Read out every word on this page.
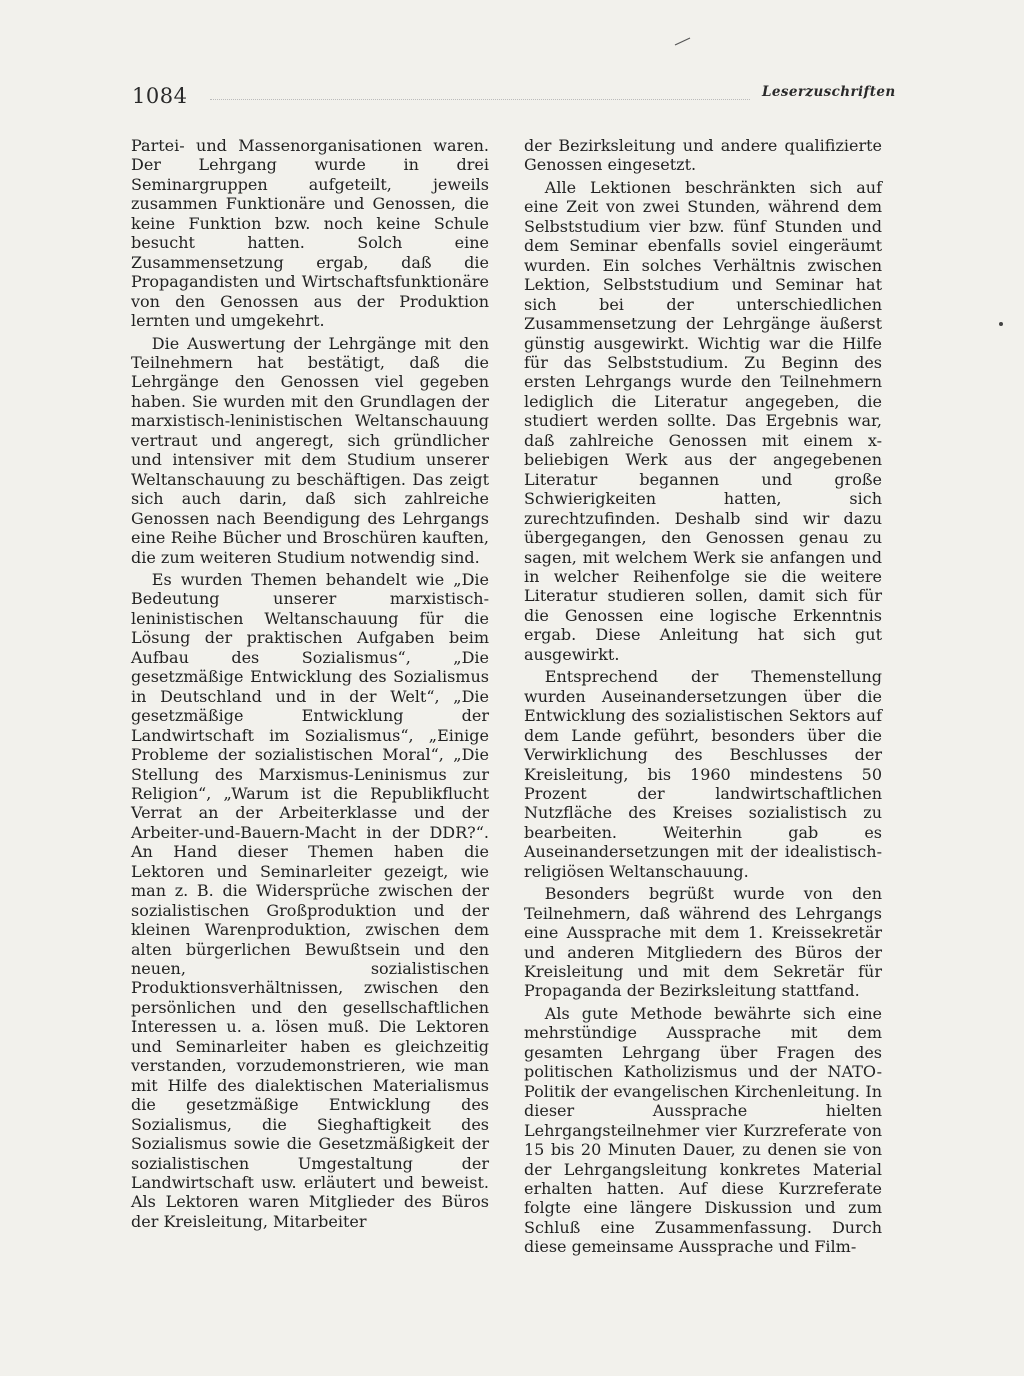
1084	Leserzuschriften

Partei- und Massenorganisationen waren. Der Lehrgang wurde in drei Seminargruppen aufgeteilt, jeweils zusammen Funktionäre und Genossen, die keine Funktion bzw. noch keine Schule besucht hatten. Solch eine Zusammensetzung ergab, daß die Propagandisten und Wirtschaftsfunktionäre von den Genossen aus der Produktion lernten und umgekehrt.

Die Auswertung der Lehrgänge mit den Teilnehmern hat bestätigt, daß die Lehrgänge den Genossen viel gegeben haben. Sie wurden mit den Grundlagen der marxistisch-leninistischen Weltanschauung vertraut und angeregt, sich gründlicher und intensiver mit dem Studium unserer Weltanschauung zu beschäftigen. Das zeigt sich auch darin, daß sich zahlreiche Genossen nach Beendigung des Lehrgangs eine Reihe Bücher und Broschüren kauften, die zum weiteren Studium notwendig sind.

Es wurden Themen behandelt wie „Die Bedeutung unserer marxistisch-leninistischen Weltanschauung für die Lösung der praktischen Aufgaben beim Aufbau des Sozialismus“, „Die gesetzmäßige Entwicklung des Sozialismus in Deutschland und in der Welt“, „Die gesetzmäßige Entwicklung der Landwirtschaft im Sozialismus“, „Einige Probleme der sozialistischen Moral“, „Die Stellung des Marxismus-Leninismus zur Religion“, „Warum ist die Republikflucht Verrat an der Arbeiterklasse und der Arbeiter-und-Bauern-Macht in der DDR?“. An Hand dieser Themen haben die Lektoren und Seminarleiter gezeigt, wie man z. B. die Widersprüche zwischen der sozialistischen Großproduktion und der kleinen Warenproduktion, zwischen dem alten bürgerlichen Bewußtsein und den neuen, sozialistischen Produktionsverhältnissen, zwischen den persönlichen und den gesellschaftlichen Interessen u. a. lösen muß. Die Lektoren und Seminarleiter haben es gleichzeitig verstanden, vorzudemonstrieren, wie man mit Hilfe des dialektischen Materialismus die gesetzmäßige Entwicklung des Sozialismus, die Sieghaftigkeit des Sozialismus sowie die Gesetzmäßigkeit der sozialistischen Umgestaltung der Landwirtschaft usw. erläutert und beweist. Als Lektoren waren Mitglieder des Büros der Kreisleitung, Mitarbeiter

der Bezirksleitung und andere qualifizierte Genossen eingesetzt.

Alle Lektionen beschränkten sich auf eine Zeit von zwei Stunden, während dem Selbststudium vier bzw. fünf Stunden und dem Seminar ebenfalls soviel eingeräumt wurden. Ein solches Verhältnis zwischen Lektion, Selbststudium und Seminar hat sich bei der unterschiedlichen Zusammensetzung der Lehrgänge äußerst günstig ausgewirkt. Wichtig war die Hilfe für das Selbststudium. Zu Beginn des ersten Lehrgangs wurde den Teilnehmern lediglich die Literatur angegeben, die studiert werden sollte. Das Ergebnis war, daß zahlreiche Genossen mit einem x-beliebigen Werk aus der angegebenen Literatur begannen und große Schwierigkeiten hatten, sich zurechtzufinden. Deshalb sind wir dazu übergegangen, den Genossen genau zu sagen, mit welchem Werk sie anfangen und in welcher Reihenfolge sie die weitere Literatur studieren sollen, damit sich für die Genossen eine logische Erkenntnis ergab. Diese Anleitung hat sich gut ausgewirkt.

Entsprechend der Themenstellung wurden Auseinandersetzungen über die Entwicklung des sozialistischen Sektors auf dem Lande geführt, besonders über die Verwirklichung des Beschlusses der Kreisleitung, bis 1960 mindestens 50 Prozent der landwirtschaftlichen Nutzfläche des Kreises sozialistisch zu bearbeiten. Weiterhin gab es Auseinandersetzungen mit der idealistisch-religiösen Weltanschauung.

Besonders begrüßt wurde von den Teilnehmern, daß während des Lehrgangs eine Aussprache mit dem 1. Kreissekretär und anderen Mitgliedern des Büros der Kreisleitung und mit dem Sekretär für Propaganda der Bezirksleitung stattfand.

Als gute Methode bewährte sich eine mehrstündige Aussprache mit dem gesamten Lehrgang über Fragen des politischen Katholizismus und der NATO-Politik der evangelischen Kirchenleitung. In dieser Aussprache hielten Lehrgangsteilnehmer vier Kurzreferate von 15 bis 20 Minuten Dauer, zu denen sie von der Lehrgangsleitung konkretes Material erhalten hatten. Auf diese Kurzreferate folgte eine längere Diskussion und zum Schluß eine Zusammenfassung. Durch diese gemeinsame Aussprache und Film-
